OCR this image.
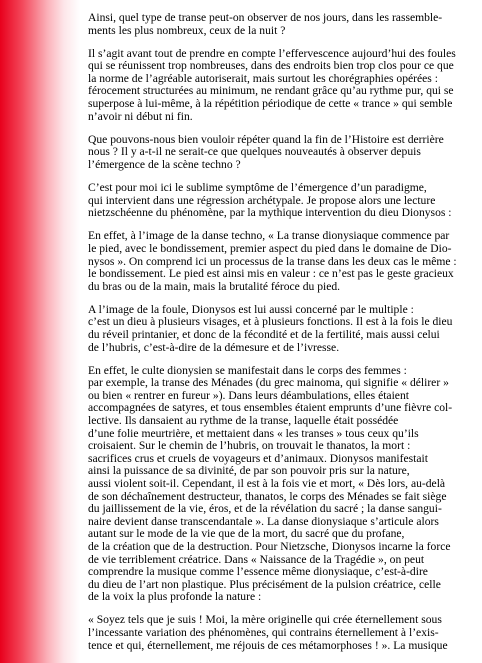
Ainsi, quel type de transe peut-on observer de nos jours, dans les rassemble-
ments les plus nombreux, ceux de la nuit ?
Il s’agit avant tout de prendre en compte l’effervescence aujourd’hui des foules
qui se réunissent trop nombreuses, dans des endroits bien trop clos pour ce que
la norme de l’agréable autoriserait, mais surtout les chorégraphies opérées :
férocement structurées au minimum, ne rendant grâce qu’au rythme pur, qui se
superpose à lui-même, à la répétition périodique de cette « trance » qui semble
n’avoir ni début ni fin.
Que pouvons-nous bien vouloir répéter quand la fin de l’Histoire est derrière
nous ? Il y a-t-il ne serait-ce que quelques nouveautés à observer depuis
l’émergence de la scène techno ?
C’est pour moi ici le sublime symptôme de l’émergence d’un paradigme,
qui intervient dans une régression archétypale. Je propose alors une lecture
nietzschéenne du phénomène, par la mythique intervention du dieu Dionysos :
En effet, à l’image de la danse techno, « La transe dionysiaque commence par
le pied, avec le bondissement, premier aspect du pied dans le domaine de Dio-
nysos ». On comprend ici un processus de la transe dans les deux cas le même :
le bondissement. Le pied est ainsi mis en valeur : ce n’est pas le geste gracieux
du bras ou de la main, mais la brutalité féroce du pied.
A l’image de la foule, Dionysos est lui aussi concerné par le multiple :
c’est un dieu à plusieurs visages, et à plusieurs fonctions. Il est à la fois le dieu
du réveil printanier, et donc de la fécondité et de la fertilité, mais aussi celui
de l’hubris, c’est-à-dire de la démesure et de l’ivresse.
En effet, le culte dionysien se manifestait dans le corps des femmes :
par exemple, la transe des Ménades (du grec mainoma, qui signifie « délirer »
ou bien « rentrer en fureur »). Dans leurs déambulations, elles étaient
accompagnées de satyres, et tous ensembles étaient emprunts d’une fièvre col-
lective. Ils dansaient au rythme de la transe, laquelle était possédée
d’une folie meurtrière, et mettaient dans « les transes » tous ceux qu’ils
croisaient. Sur le chemin de l’hubris, on trouvait le thanatos, la mort :
sacrifices crus et cruels de voyageurs et d’animaux. Dionysos manifestait
ainsi la puissance de sa divinité, de par son pouvoir pris sur la nature,
aussi violent soit-il. Cependant, il est à la fois vie et mort, « Dès lors, au-delà
de son déchaînement destructeur, thanatos, le corps des Ménades se fait siège
du jaillissement de la vie, éros, et de la révélation du sacré ; la danse sangui-
naire devient danse transcendantale ». La danse dionysiaque s’articule alors
autant sur le mode de la vie que de la mort, du sacré que du profane,
de la création que de la destruction. Pour Nietzsche, Dionysos incarne la force
de vie terriblement créatrice. Dans « Naissance de la Tragédie », on peut
comprendre la musique comme l’essence même dionysiaque, c’est-à-dire
du dieu de l’art non plastique. Plus précisément de la pulsion créatrice, celle
de la voix la plus profonde la nature :
« Soyez tels que je suis ! Moi, la mère originelle qui crée éternellement sous
l’incessante variation des phénomènes, qui contrains éternellement à l’exis-
tence et qui, éternellement, me réjouis de ces métamorphoses ! ». La musique
